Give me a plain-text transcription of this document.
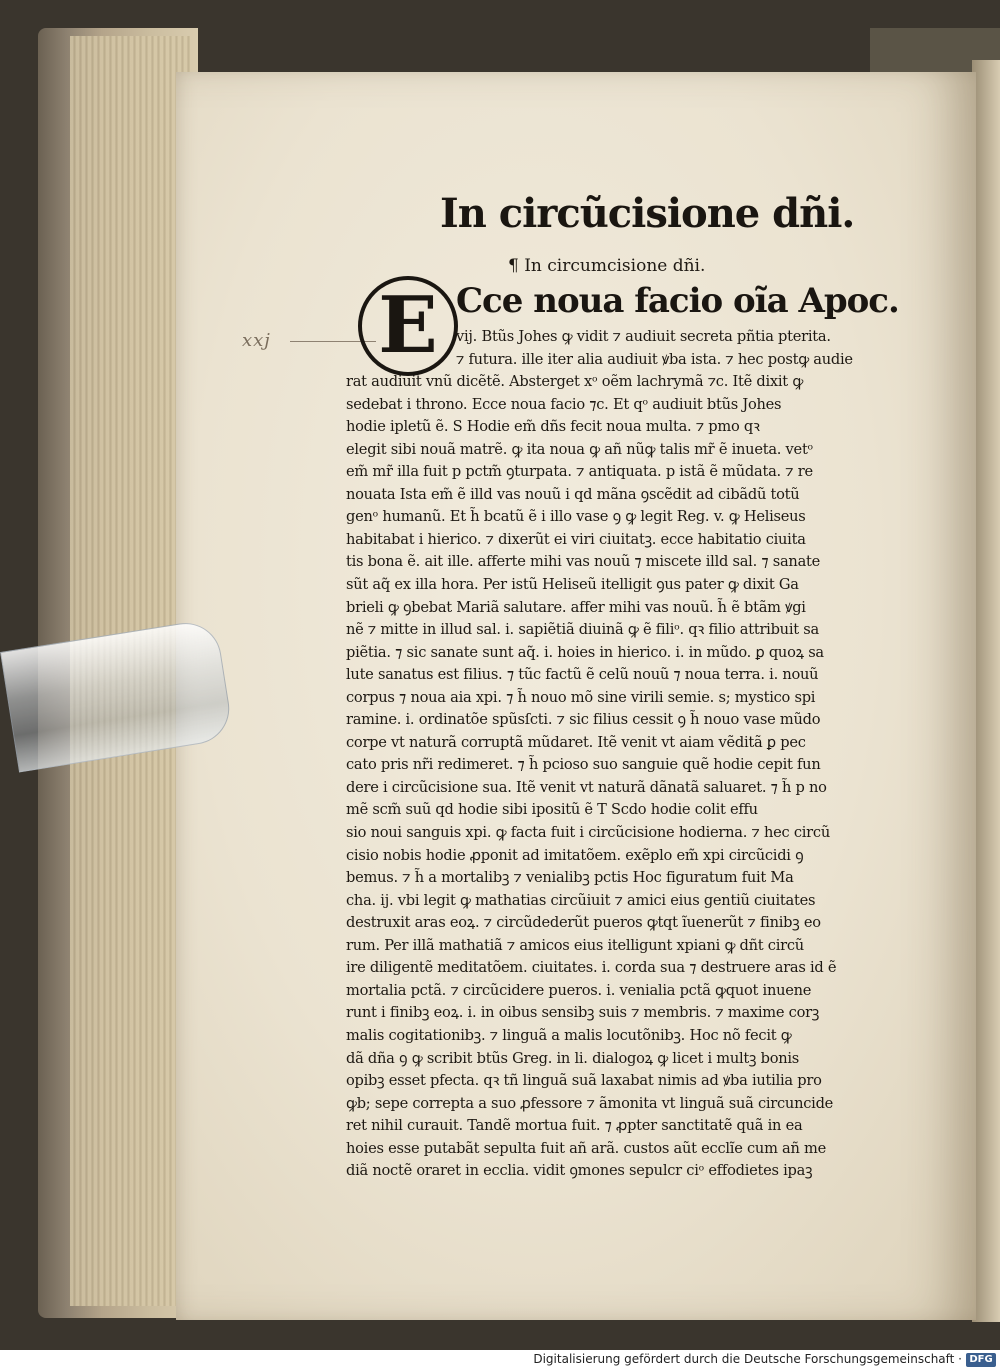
xxj
In circũcisione dñi.
¶ In circumcisione dñi.
E Cce noua facio oĩa Apoc.
vij. Btũs Johes ꝙ vidit ⁊ audiuit secreta pñtia pterita.
⁊ futura. ille iter alia audiuit ꝟba ista. ⁊ hec postꝙ audie
rat audiuit vnũ dicẽtẽ. Absterget xᵒ oẽm lachrymã ⁊c. Itẽ dixit ꝙ
sedebat i throno. Ecce noua facio ⁊c. Et qᵒ audiuit btũs Johes
hodie ipletũ ẽ. S Hodie em̃ dñs fecit noua multa. ⁊ pmo qꝛ
elegit sibi nouã matrẽ. ꝙ ita noua ꝙ añ nũꝙ talis mr̃ ẽ inueta. vetᵒ
em̃ mr̃ illa fuit p pctm̃ ꝯturpata. ⁊ antiquata. p istã ẽ mũdata. ⁊ re
nouata Ista em̃ ẽ illd vas nouũ i qd mãna ꝯscẽdit ad cibãdũ totũ
genᵒ humanũ. Et h̃ bcatũ ẽ i illo vase ꝯ ꝙ legit Reg. v. ꝙ Heliseus
habitabat i hierico. ⁊ dixerũt ei viri ciuitatꝫ. ecce habitatio ciuita
tis bona ẽ. ait ille. afferte mihi vas nouũ ⁊ miscete illd sal. ⁊ sanate
sũt aq̃ ex illa hora. Per istũ Heliseũ itelligit ꝯus pater ꝙ dixit Ga
brieli ꝙ ꝯbebat Mariã salutare. affer mihi vas nouũ. h̃ ẽ btãm ꝟgi
nẽ ⁊ mitte in illud sal. i. sapiẽtiã diuinã ꝙ ẽ filiᵒ. qꝛ filio attribuit sa
piẽtia. ⁊ sic sanate sunt aq̃. i. hoies in hierico. i. in mũdo. ꝑ quoꝝ sa
lute sanatus est filius. ⁊ tũc factũ ẽ celũ nouũ ⁊ noua terra. i. nouũ
corpus ⁊ noua aia xpi. ⁊ h̃ nouo mõ sine virili semie. s; mystico spi
ramine. i. ordinatõe spũsſcti. ⁊ sic filius cessit ꝯ h̃ nouo vase mũdo
corpe vt naturã corruptã mũdaret. Itẽ venit vt aiam vẽditã ꝑ pec
cato pris nr̃i redimeret. ⁊ h̃ pcioso suo sanguie quẽ hodie cepit fun
dere i circũcisione sua. Itẽ venit vt naturã dãnatã saluaret. ⁊ h̃ p no
mẽ scm̃ suũ qd hodie sibi ipositũ ẽ T Scdo hodie colit effu
sio noui sanguis xpi. ꝙ facta fuit i circũcisione hodierna. ⁊ hec circũ
cisio nobis hodie ꝓponit ad imitatõem. exẽplo em̃ xpi circũcidi ꝯ
bemus. ⁊ h̃ a mortalibꝫ ⁊ venialibꝫ pctis Hoc figuratum fuit Ma
cha. ij. vbi legit ꝙ mathatias circũiuit ⁊ amici eius gentiũ ciuitates
destruxit aras eoꝝ. ⁊ circũdederũt pueros ꝙtqt ĩuenerũt ⁊ finibꝫ eo
rum. Per illã mathatiã ⁊ amicos eius itelligunt xpiani ꝙ dñt circũ
ire diligentẽ meditatõem. ciuitates. i. corda sua ⁊ destruere aras id ẽ
mortalia pctã. ⁊ circũcidere pueros. i. venialia pctã ꝙquot inuene
runt i finibꝫ eoꝝ. i. in oibus sensibꝫ suis ⁊ membris. ⁊ maxime corꝫ
malis cogitationibꝫ. ⁊ linguã a malis locutõnibꝫ. Hoc nõ fecit ꝙ
dã dña ꝯ ꝙ scribit btũs Greg. in li. dialogoꝝ ꝙ licet i multꝫ bonis
opibꝫ esset pfecta. qꝛ tñ linguã suã laxabat nimis ad ꝟba iutilia pro
ꝙb; sepe correpta a suo ꝓfessore ⁊ ãmonita vt linguã suã circuncide
ret nihil curauit. Tandẽ mortua fuit. ⁊ ꝓpter sanctitatẽ quã in ea
hoies esse putabãt sepulta fuit añ arã. custos aũt ecclĩe cum añ me
diã noctẽ oraret in ecclia. vidit ꝯmones sepulcr ciᵒ effodietes ipaꝫ
Digitalisierung gefördert durch die Deutsche Forschungsgemeinschaft · DFG
